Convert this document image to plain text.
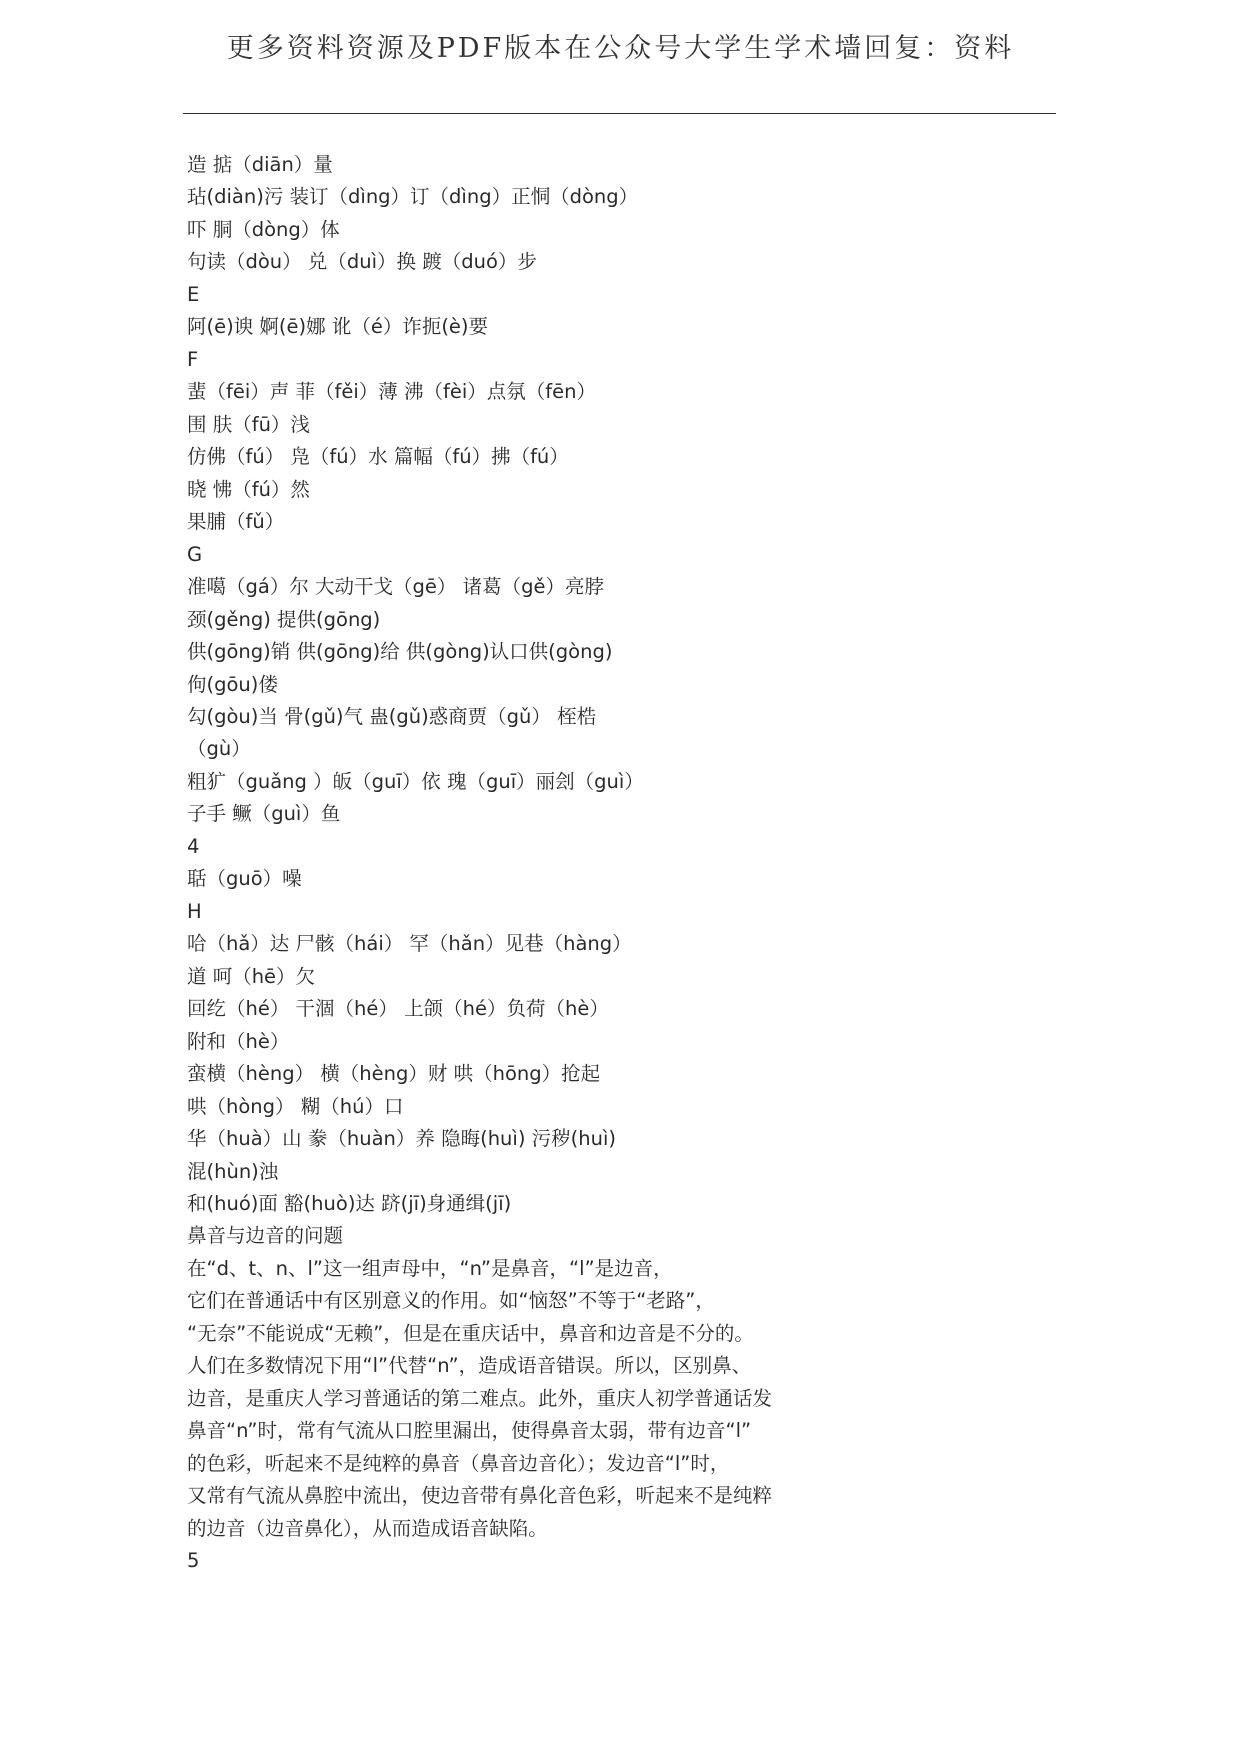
更多资料资源及PDF版本在公众号大学生学术墙回复：资料
造 掂（diān）量
玷(diàn)污 装订（dìng）订（dìng）正恫（dòng）
吓 胴（dòng）体
句读（dòu） 兑（duì）换 踱（duó）步
E
阿(ē)谀 婀(ē)娜 讹（é）诈扼(è)要
F
蜚（fēi）声 菲（fěi）薄 沸（fèi）点氛（fēn）
围 肤（fū）浅
仿佛（fú） 凫（fú）水 篇幅（fú）拂（fú）
晓 怫（fú）然
果脯（fǔ）
G
准噶（gá）尔 大动干戈（gē） 诸葛（gě）亮脖
颈(gěng) 提供(gōng)
供(gōng)销 供(gōng)给 供(gòng)认口供(gòng)
佝(gōu)偻
勾(gòu)当 骨(gǔ)气 蛊(gǔ)惑商贾（gǔ） 桎梏
（gù）
粗犷（guǎng ）皈（guī）依 瑰（guī）丽刽（guì）
子手 鳜（guì）鱼
4
聒（guō）噪
H
哈（hǎ）达 尸骸（hái） 罕（hǎn）见巷（hàng）
道 呵（hē）欠
回纥（hé） 干涸（hé） 上颌（hé）负荷（hè）
附和（hè）
蛮横（hèng） 横（hèng）财 哄（hōng）抢起
哄（hòng） 糊（hú）口
华（huà）山 豢（huàn）养 隐晦(huì) 污秽(huì)
混(hùn)浊
和(huó)面 豁(huò)达 跻(jī)身通缉(jī)
鼻音与边音的问题
在“d、t、n、l”这一组声母中，“n”是鼻音，“l”是边音，
它们在普通话中有区别意义的作用。如“恼怒”不等于“老路”，
“无奈”不能说成“无赖”，但是在重庆话中，鼻音和边音是不分的。
人们在多数情况下用“l”代替“n”，造成语音错误。所以，区别鼻、
边音，是重庆人学习普通话的第二难点。此外，重庆人初学普通话发
鼻音“n”时，常有气流从口腔里漏出，使得鼻音太弱，带有边音“l”
的色彩，听起来不是纯粹的鼻音（鼻音边音化）；发边音“l”时，
又常有气流从鼻腔中流出，使边音带有鼻化音色彩，听起来不是纯粹
的边音（边音鼻化），从而造成语音缺陷。
5
